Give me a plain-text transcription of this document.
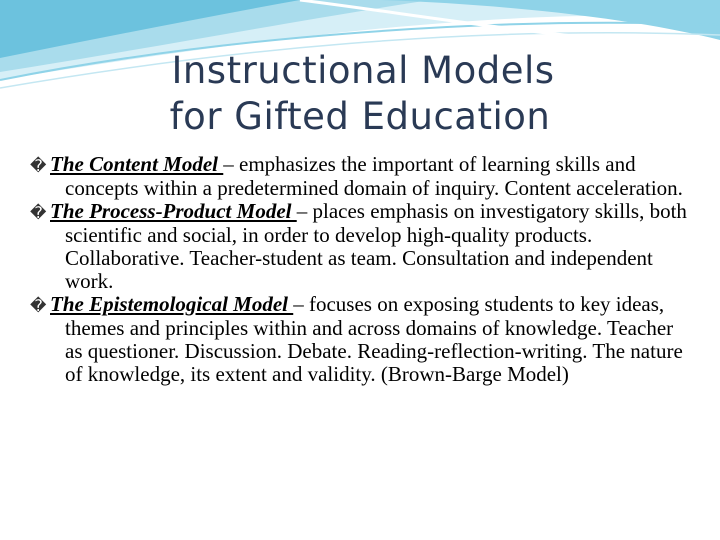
Instructional Models
for Gifted Education

� The Content Model – emphasizes the important of learning skills and concepts within a predetermined domain of inquiry. Content acceleration.

� The Process-Product Model – places emphasis on investigatory skills, both scientific and social, in order to develop high-quality products. Collaborative. Teacher-student as team. Consultation and independent work.

� The Epistemological Model – focuses on exposing students to key ideas, themes and principles within and across domains of knowledge. Teacher as questioner. Discussion. Debate. Reading-reflection-writing. The nature of knowledge, its extent and validity. (Brown-Barge Model)
